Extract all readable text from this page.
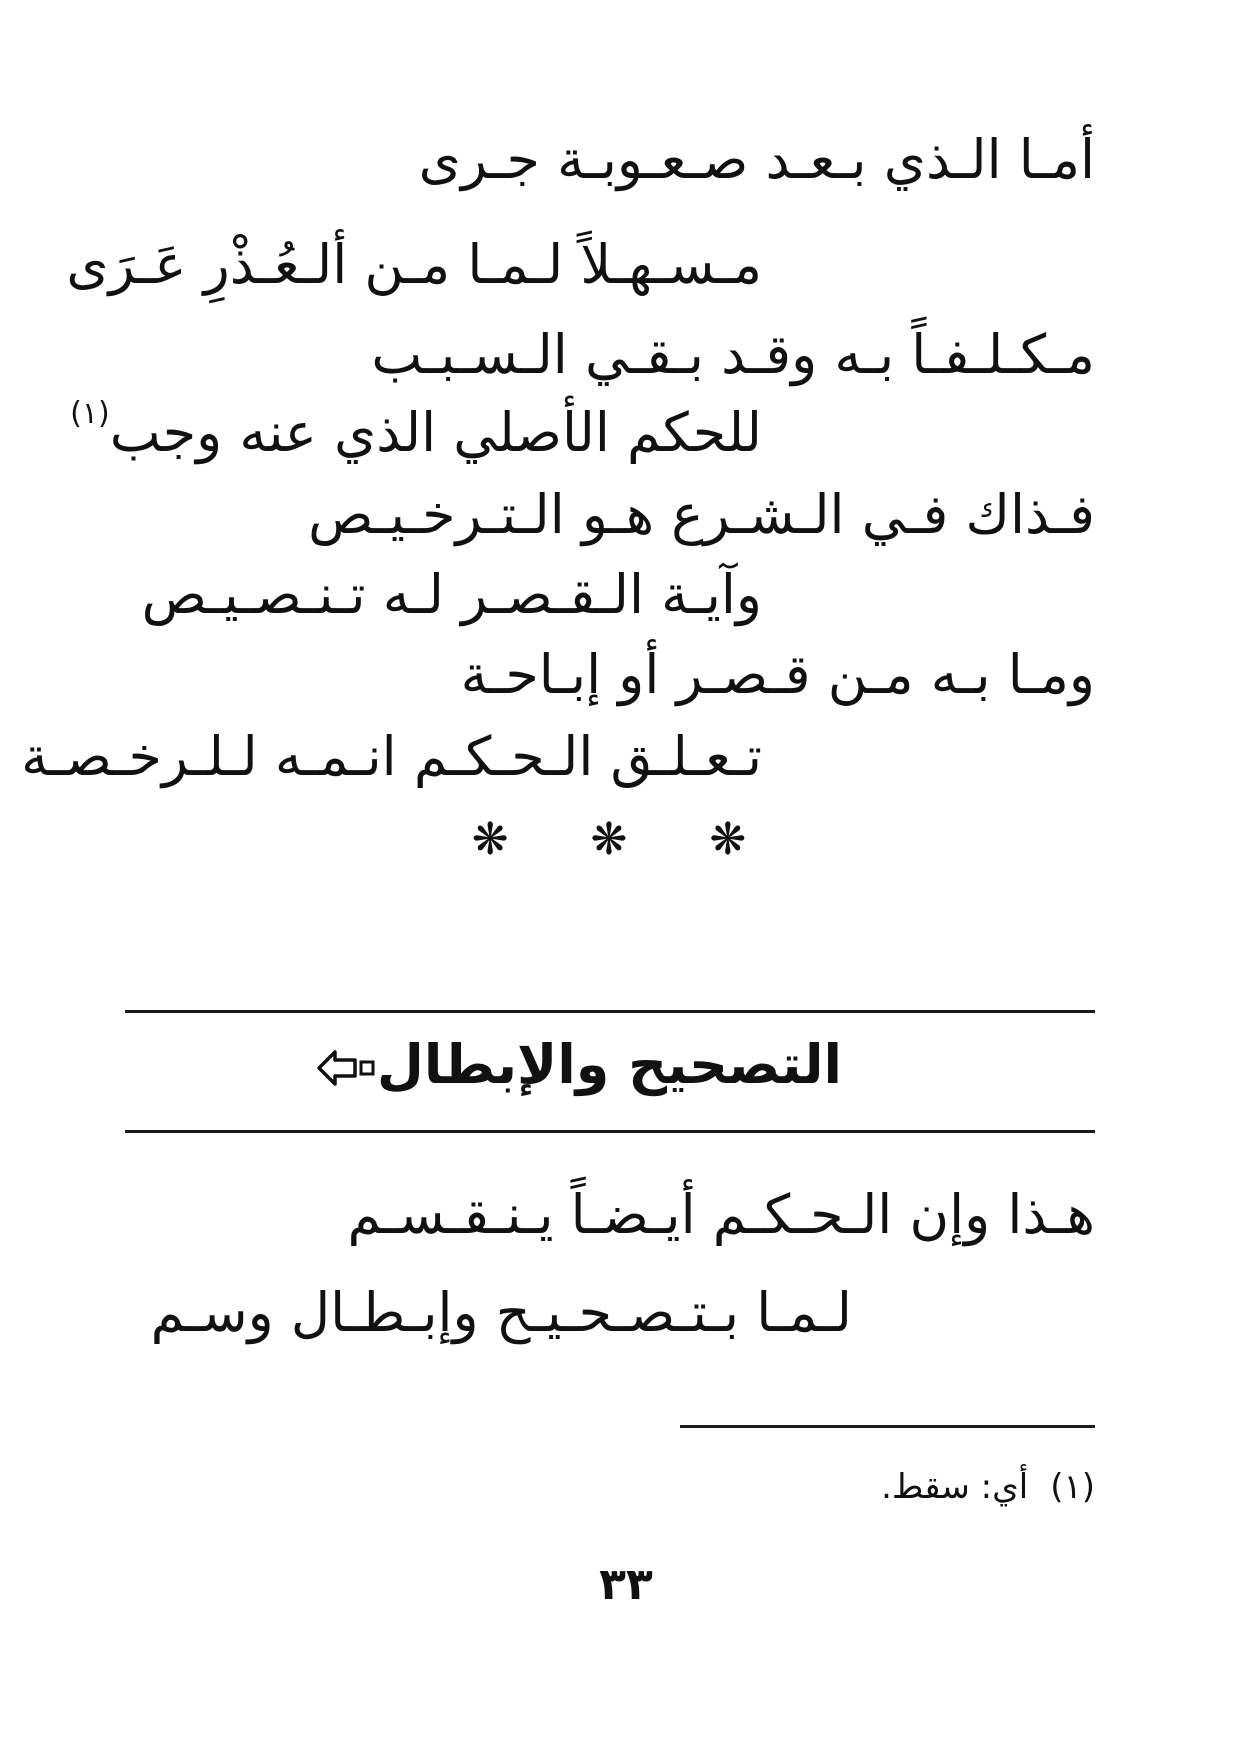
أمـا الـذي بـعـد صـعـوبـة جـرى
مـسـهـلاً لـمـا مـن ألـعُـذْرِ عَـرَى
مـكـلـفـاً بـه وقـد بـقـي الـسـبـب
للحكم الأصلي الذي عنه وجب$^{(١)}$
فـذاك فـي الـشـرع هـو الـتـرخـيـص
وآيـة الـقـصـر لـه تـنـصـيـص
ومـا بـه مـن قـصـر أو إبـاحـة
تـعـلـق الـحـكـم انـمـه لـلـرخـصـة
❋ ❋ ❋
التصحيح والإبطال
هـذا وإن الـحـكـم أيـضـاً يـنـقـسـم
لـمـا بـتـصـحـيـح وإبـطـال وسـم
(١)أي: سقط.
٣٣
